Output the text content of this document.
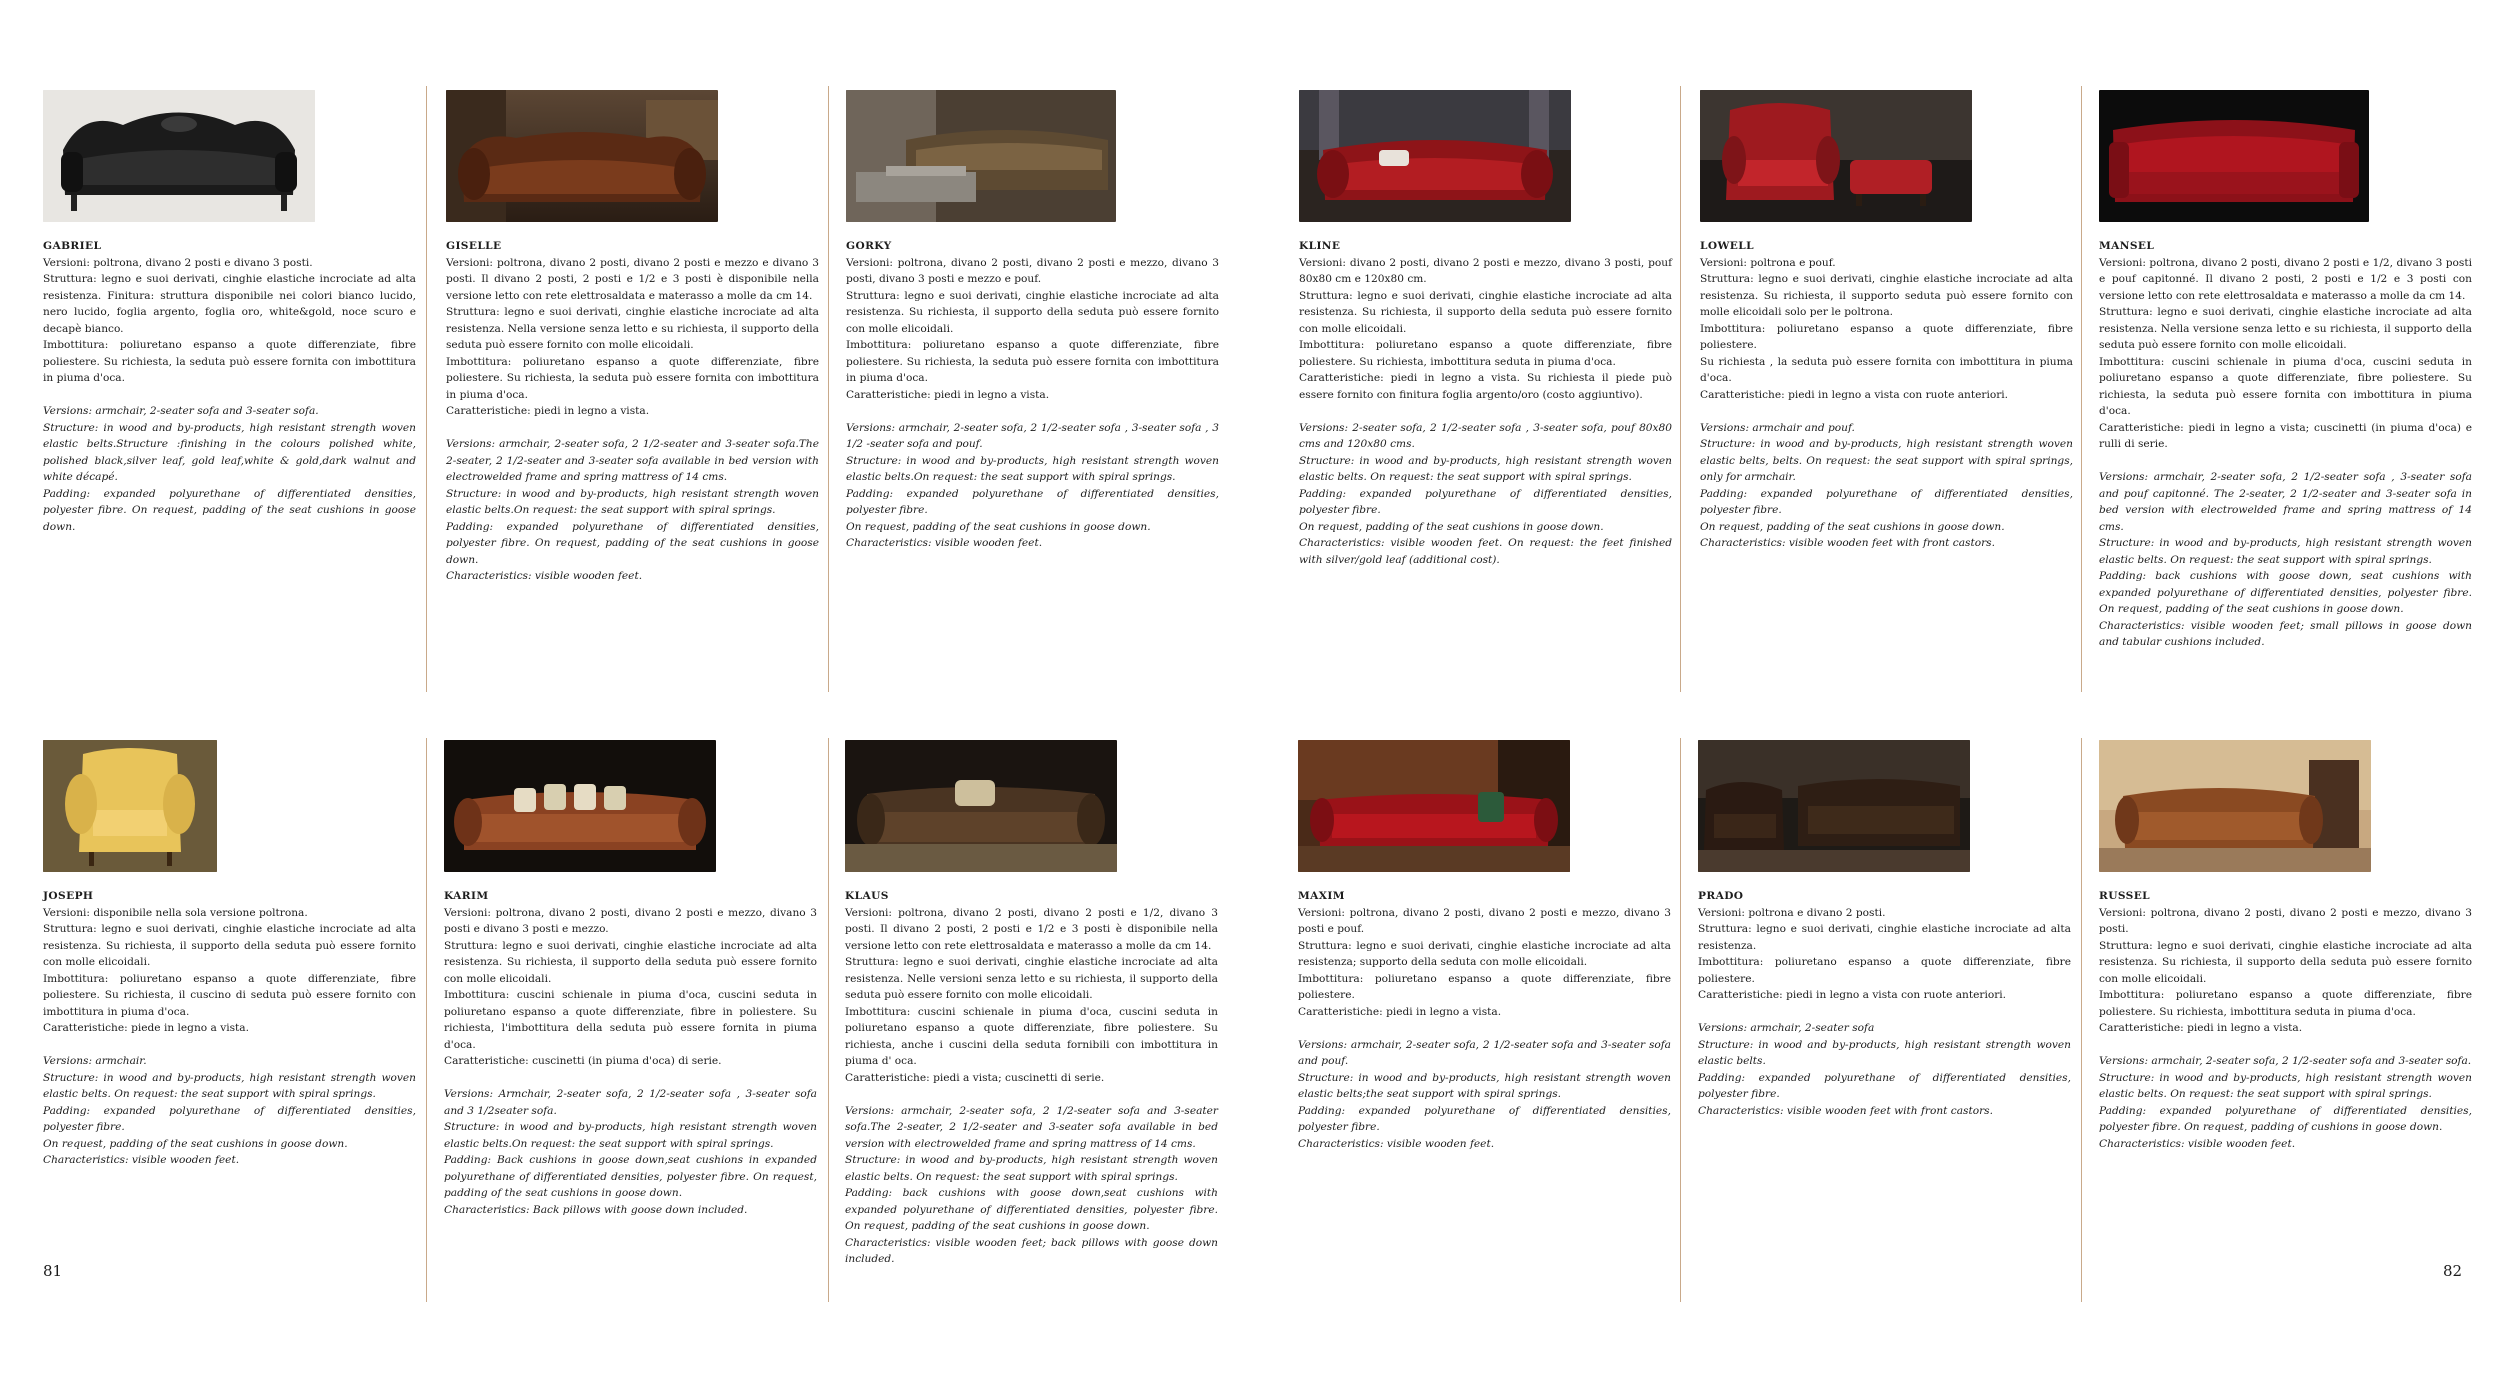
GABRIEL

Versioni: poltrona, divano 2 posti e divano 3 posti.

Struttura: legno e suoi derivati, cinghie elastiche incrociate ad alta resistenza. Finitura: struttura disponibile nei colori bianco lucido, nero lucido, foglia argento, foglia oro, white&gold, noce scuro e decapè bianco.

Imbottitura: poliuretano espanso a quote differenziate, fibre poliestere. Su richiesta, la seduta può essere fornita con imbottitura in piuma d'oca.

Versions: armchair, 2-seater sofa and 3-seater sofa.

Structure: in wood and by-products, high resistant strength woven elastic belts.Structure :finishing in the colours polished white, polished black,silver leaf, gold leaf,white & gold,dark walnut and white décapé.

Padding: expanded polyurethane of differentiated densities, polyester fibre. On request, padding of the seat cushions in goose down.

GISELLE

Versioni: poltrona, divano 2 posti, divano 2 posti e mezzo e divano 3 posti. Il divano 2 posti, 2 posti e 1/2 e 3 posti è disponibile nella versione letto con rete elettrosaldata e materasso a molle da cm 14.

Struttura: legno e suoi derivati, cinghie elastiche incrociate ad alta resistenza. Nella versione senza letto e su richiesta, il supporto della seduta può essere fornito con molle elicoidali.

Imbottitura: poliuretano espanso a quote differenziate, fibre poliestere. Su richiesta, la seduta può essere fornita con imbottitura in piuma d'oca.

Caratteristiche: piedi in legno a vista.

Versions: armchair, 2-seater sofa, 2 1/2-seater and 3-seater sofa.The 2-seater, 2 1/2-seater and 3-seater sofa available in bed version with electrowelded frame and spring mattress of 14 cms.

Structure: in wood and by-products, high resistant strength woven elastic belts.On request: the seat support with spiral springs.

Padding: expanded polyurethane of differentiated densities, polyester fibre. On request, padding of the seat cushions in goose down.

Characteristics: visible wooden feet.

GORKY

Versioni: poltrona, divano 2 posti, divano 2 posti e mezzo, divano 3 posti, divano 3 posti e mezzo e pouf.

Struttura: legno e suoi derivati, cinghie elastiche incrociate ad alta resistenza. Su richiesta, il supporto della seduta può essere fornito con molle elicoidali.

Imbottitura: poliuretano espanso a quote differenziate, fibre poliestere. Su richiesta, la seduta può essere fornita con imbottitura in piuma d'oca.

Caratteristiche: piedi in legno a vista.

Versions: armchair, 2-seater sofa, 2 1/2-seater sofa , 3-seater sofa , 3 1/2 -seater sofa and pouf.

Structure: in wood and by-products, high resistant strength woven elastic belts.On request: the seat support with spiral springs.

Padding: expanded polyurethane of differentiated densities, polyester fibre.

On request, padding of the seat cushions in goose down.

Characteristics: visible wooden feet.

KLINE

Versioni: divano 2 posti, divano 2 posti e mezzo, divano 3 posti, pouf 80x80 cm e 120x80 cm.

Struttura: legno e suoi derivati, cinghie elastiche incrociate ad alta resistenza. Su richiesta, il supporto della seduta può essere fornito con molle elicoidali.

Imbottitura: poliuretano espanso a quote differenziate, fibre poliestere. Su richiesta, imbottitura seduta in piuma d'oca.

Caratteristiche: piedi in legno a vista. Su richiesta il piede può essere fornito con finitura foglia argento/oro (costo aggiuntivo).

Versions: 2-seater sofa, 2 1/2-seater sofa , 3-seater sofa, pouf 80x80 cms and 120x80 cms.

Structure: in wood and by-products, high resistant strength woven elastic belts. On request: the seat support with spiral springs.

Padding: expanded polyurethane of differentiated densities, polyester fibre.

On request, padding of the seat cushions in goose down.

Characteristics: visible wooden feet. On request: the feet finished with silver/gold leaf (additional cost).

LOWELL

Versioni: poltrona e pouf.

Struttura: legno e suoi derivati, cinghie elastiche incrociate ad alta resistenza. Su richiesta, il supporto seduta può essere fornito con molle elicoidali solo per le poltrona.

Imbottitura: poliuretano espanso a quote differenziate, fibre poliestere.

Su richiesta , la seduta può essere fornita con imbottitura in piuma d'oca.

Caratteristiche: piedi in legno a vista con ruote anteriori.

Versions: armchair and pouf.

Structure: in wood and by-products, high resistant strength woven elastic belts, belts. On request: the seat support with spiral springs, only for armchair.

Padding: expanded polyurethane of differentiated densities, polyester fibre.

On request, padding of the seat cushions in goose down.

Characteristics: visible wooden feet with front castors.

MANSEL

Versioni: poltrona, divano 2 posti, divano 2 posti e 1/2, divano 3 posti e pouf capitonné. Il divano 2 posti, 2 posti e 1/2 e 3 posti con versione letto con rete elettrosaldata e materasso a molle da cm 14.

Struttura: legno e suoi derivati, cinghie elastiche incrociate ad alta resistenza. Nella versione senza letto e su richiesta, il supporto della seduta può essere fornito con molle elicoidali.

Imbottitura: cuscini schienale in piuma d'oca, cuscini seduta in poliuretano espanso a quote differenziate, fibre poliestere. Su richiesta, la seduta può essere fornita con imbottitura in piuma d'oca.

Caratteristiche: piedi in legno a vista; cuscinetti (in piuma d'oca) e rulli di serie.

Versions: armchair, 2-seater sofa, 2 1/2-seater sofa , 3-seater sofa and pouf capitonné. The 2-seater, 2 1/2-seater and 3-seater sofa in bed version with electrowelded frame and spring mattress of 14 cms.

Structure: in wood and by-products, high resistant strength woven elastic belts. On request: the seat support with spiral springs.

Padding: back cushions with goose down, seat cushions with expanded polyurethane of differentiated densities, polyester fibre. On request, padding of the seat cushions in goose down.

Characteristics: visible wooden feet; small pillows in goose down and tabular cushions included.

JOSEPH

Versioni: disponibile nella sola versione poltrona.

Struttura: legno e suoi derivati, cinghie elastiche incrociate ad alta resistenza. Su richiesta, il supporto della seduta può essere fornito con molle elicoidali.

Imbottitura: poliuretano espanso a quote differenziate, fibre poliestere. Su richiesta, il cuscino di seduta può essere fornito con imbottitura in piuma d'oca.

Caratteristiche: piede in legno a vista.

Versions: armchair.

Structure: in wood and by-products, high resistant strength woven elastic belts. On request: the seat support with spiral springs.

Padding: expanded polyurethane of differentiated densities, polyester fibre.

On request, padding of the seat cushions in goose down.

Characteristics: visible wooden feet.

KARIM

Versioni: poltrona, divano 2 posti, divano 2 posti e mezzo, divano 3 posti e divano 3 posti e mezzo.

Struttura: legno e suoi derivati, cinghie elastiche incrociate ad alta resistenza. Su richiesta, il supporto della seduta può essere fornito con molle elicoidali.

Imbottitura: cuscini schienale in piuma d'oca, cuscini seduta in poliuretano espanso a quote differenziate, fibre in poliestere. Su richiesta, l'imbottitura della seduta può essere fornita in piuma d'oca.

Caratteristiche: cuscinetti (in piuma d'oca) di serie.

Versions: Armchair, 2-seater sofa, 2 1/2-seater sofa , 3-seater sofa and 3 1/2seater sofa.

Structure: in wood and by-products, high resistant strength woven elastic belts.On request: the seat support with spiral springs.

Padding: Back cushions in goose down,seat cushions in expanded polyurethane of differentiated densities, polyester fibre. On request, padding of the seat cushions in goose down.

Characteristics: Back pillows with goose down included.

KLAUS

Versioni: poltrona, divano 2 posti, divano 2 posti e 1/2, divano 3 posti. Il divano 2 posti, 2 posti e 1/2 e 3 posti è disponibile nella versione letto con rete elettrosaldata e materasso a molle da cm 14.

Struttura: legno e suoi derivati, cinghie elastiche incrociate ad alta resistenza. Nelle versioni senza letto e su richiesta, il supporto della seduta può essere fornito con molle elicoidali.

Imbottitura: cuscini schienale in piuma d'oca, cuscini seduta in poliuretano espanso a quote differenziate, fibre poliestere. Su richiesta, anche i cuscini della seduta fornibili con imbottitura in piuma d' oca.

Caratteristiche: piedi a vista; cuscinetti di serie.

Versions: armchair, 2-seater sofa, 2 1/2-seater sofa and 3-seater sofa.The 2-seater, 2 1/2-seater and 3-seater sofa available in bed version with electrowelded frame and spring mattress of 14 cms.

Structure: in wood and by-products, high resistant strength woven elastic belts. On request: the seat support with spiral springs.

Padding: back cushions with goose down,seat cushions with expanded polyurethane of differentiated densities, polyester fibre. On request, padding of the seat cushions in goose down.

Characteristics: visible wooden feet; back pillows with goose down included.

MAXIM

Versioni: poltrona, divano 2 posti, divano 2 posti e mezzo, divano 3 posti e pouf.

Struttura: legno e suoi derivati, cinghie elastiche incrociate ad alta resistenza; supporto della seduta con molle elicoidali.

Imbottitura: poliuretano espanso a quote differenziate, fibre poliestere.

Caratteristiche: piedi in legno a vista.

Versions: armchair, 2-seater sofa, 2 1/2-seater sofa and 3-seater sofa and pouf.

Structure: in wood and by-products, high resistant strength woven elastic belts;the seat support with spiral springs.

Padding: expanded polyurethane of differentiated densities, polyester fibre.

Characteristics: visible wooden feet.

PRADO

Versioni: poltrona e divano 2 posti.

Struttura: legno e suoi derivati, cinghie elastiche incrociate ad alta resistenza.

Imbottitura: poliuretano espanso a quote differenziate, fibre poliestere.

Caratteristiche: piedi in legno a vista con ruote anteriori.

Versions: armchair, 2-seater sofa

Structure: in wood and by-products, high resistant strength woven elastic belts.

Padding: expanded polyurethane of differentiated densities, polyester fibre.

Characteristics: visible wooden feet with front castors.

RUSSEL

Versioni: poltrona, divano 2 posti, divano 2 posti e mezzo, divano 3 posti.

Struttura: legno e suoi derivati, cinghie elastiche incrociate ad alta resistenza. Su richiesta, il supporto della seduta può essere fornito con molle elicoidali.

Imbottitura: poliuretano espanso a quote differenziate, fibre poliestere. Su richiesta, imbottitura seduta in piuma d'oca.

Caratteristiche: piedi in legno a vista.

Versions: armchair, 2-seater sofa, 2 1/2-seater sofa and 3-seater sofa.

Structure: in wood and by-products, high resistant strength woven elastic belts. On request: the seat support with spiral springs.

Padding: expanded polyurethane of differentiated densities, polyester fibre. On request, padding of cushions in goose down.

Characteristics: visible wooden feet.

81	82
